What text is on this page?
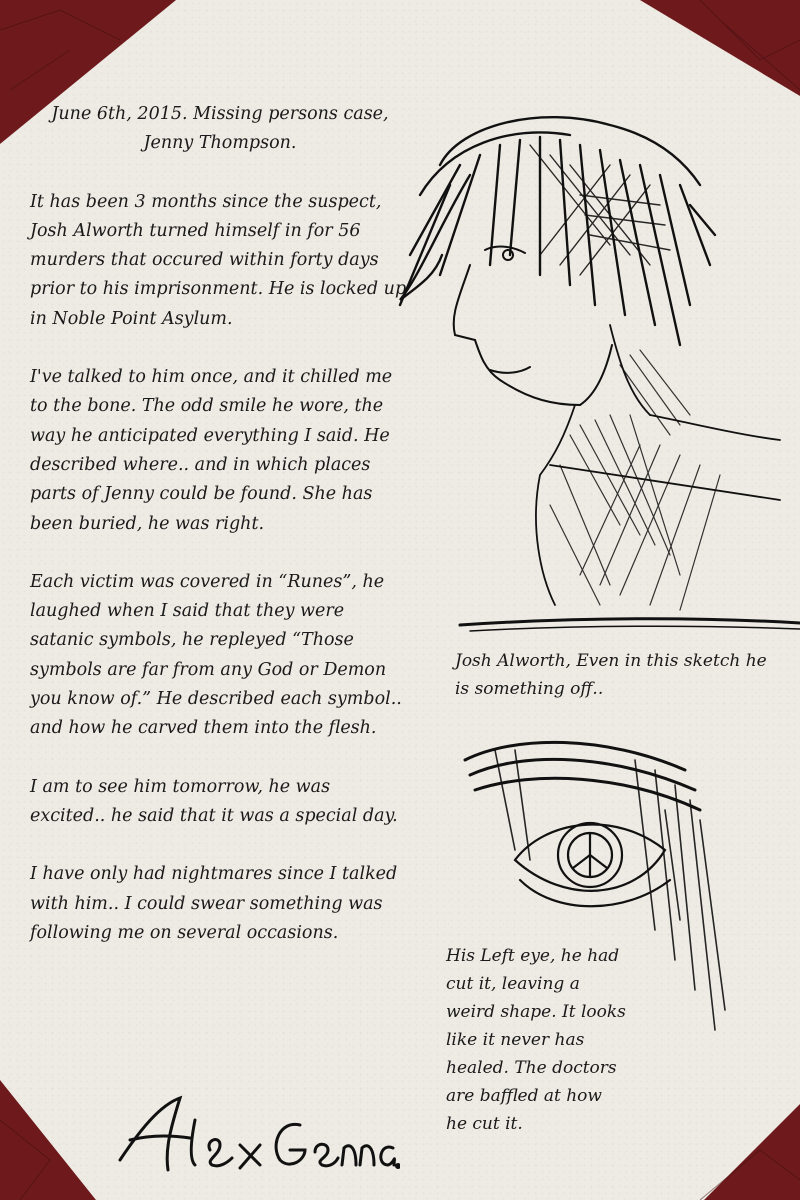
June 6th, 2015. Missing persons case, Jenny Thompson.

It has been 3 months since the suspect, Josh Alworth turned himself in for 56 murders that occured within forty days prior to his imprisonment. He is locked up in Noble Point Asylum.

I've talked to him once, and it chilled me to the bone. The odd smile he wore, the way he anticipated everything I said. He described where.. and in which places parts of Jenny could be found. She has been buried, he was right.

Each victim was covered in “Runes”, he laughed when I said that they were satanic symbols, he repleyed “Those symbols are far from any God or Demon you know of.” He described each symbol.. and how he carved them into the flesh.

I am to see him tomorrow, he was excited.. he said that it was a special day.

I have only had nightmares since I talked with him.. I could swear something was following me on several occasions.

Josh Alworth, Even in this sketch he is something off..
His Left eye, he had cut it, leaving a weird shape. It looks like it never has healed. The doctors are baffled at how he cut it.
